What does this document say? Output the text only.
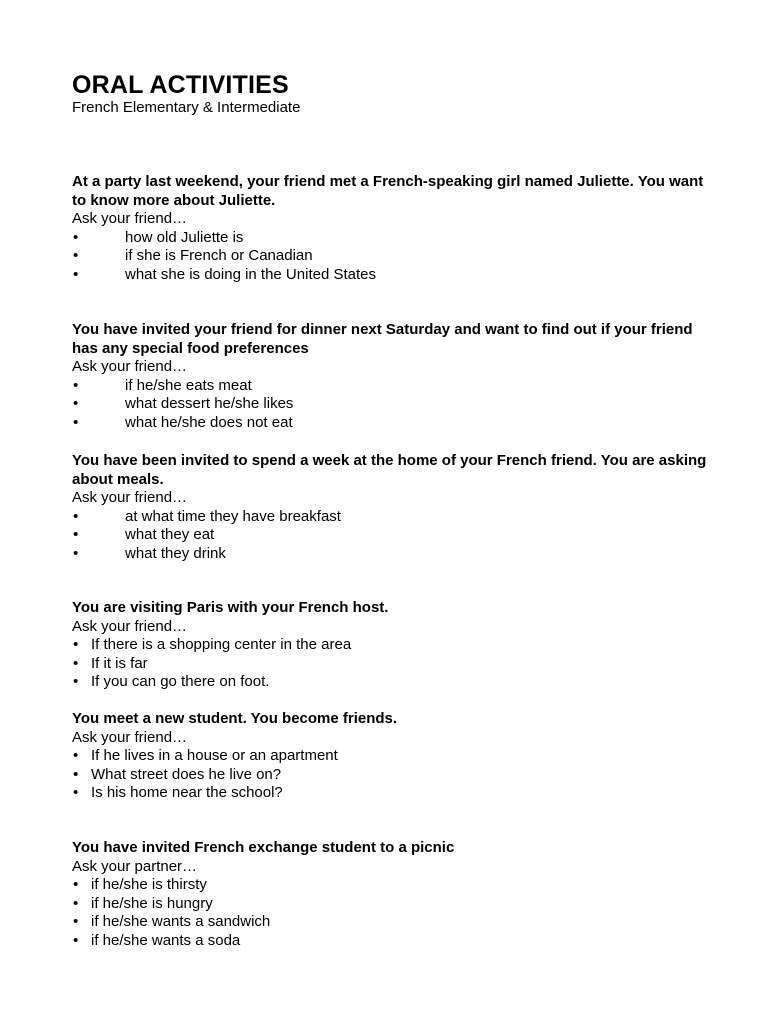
ORAL ACTIVITIES
French Elementary & Intermediate
At a party last weekend, your friend met a French-speaking girl named Juliette. You want to know more about Juliette.
Ask your friend…
•	how old Juliette is
•	if she is French or Canadian
•	what she is doing in the United States
You have invited your friend for dinner next Saturday and want to find out if your friend has any special food preferences
Ask your friend…
•	if he/she eats meat
•	what dessert he/she likes
•	what he/she does not eat
You have been invited to spend a week at the home of your French friend. You are asking about meals.
Ask your friend…
•	at what time they have breakfast
•	what they eat
•	what they drink
You are visiting Paris with your French host.
Ask your friend…
• If there is a shopping center in the area
• If it is far
• If you can go there on foot.
You meet a new student. You become friends.
Ask your friend…
• If he lives in a house or an apartment
• What street does he live on?
• Is his home near the school?
You have invited French exchange student to a picnic
Ask your partner…
• if he/she is thirsty
• if he/she is hungry
• if he/she wants a sandwich
• if he/she wants a soda
